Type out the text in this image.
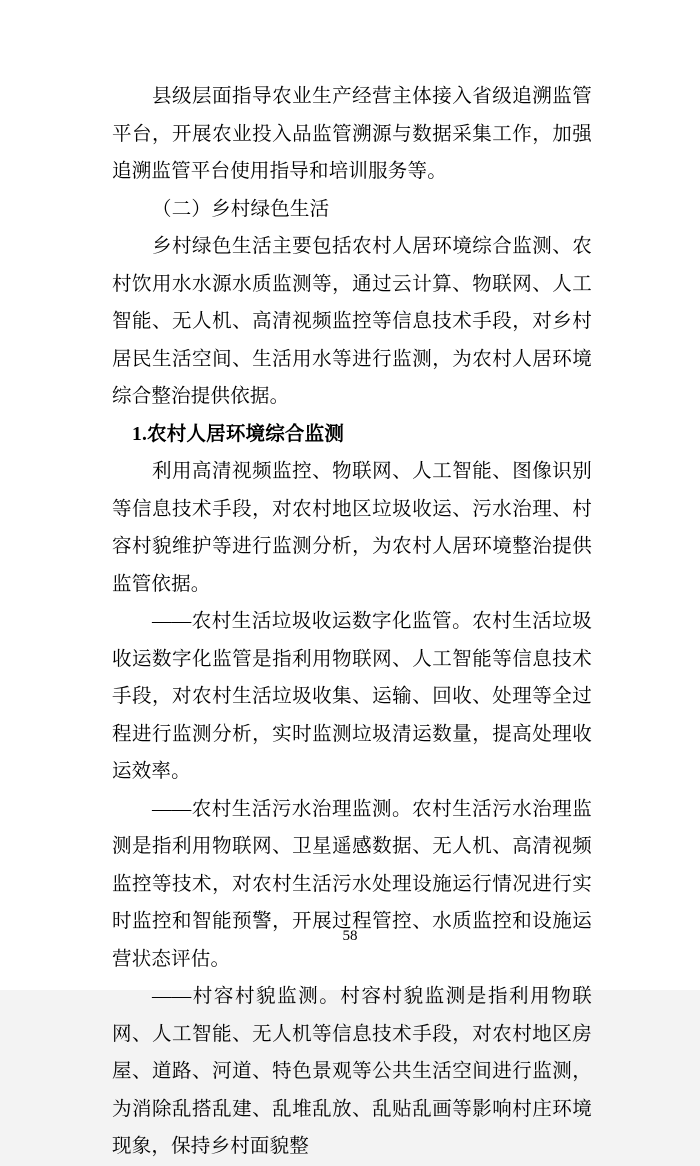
县级层面指导农业生产经营主体接入省级追溯监管平台，开展农业投入品监管溯源与数据采集工作，加强追溯监管平台使用指导和培训服务等。

（二）乡村绿色生活

乡村绿色生活主要包括农村人居环境综合监测、农村饮用水水源水质监测等，通过云计算、物联网、人工智能、无人机、高清视频监控等信息技术手段，对乡村居民生活空间、生活用水等进行监测，为农村人居环境综合整治提供依据。

1.农村人居环境综合监测

利用高清视频监控、物联网、人工智能、图像识别等信息技术手段，对农村地区垃圾收运、污水治理、村容村貌维护等进行监测分析，为农村人居环境整治提供监管依据。

——农村生活垃圾收运数字化监管。农村生活垃圾收运数字化监管是指利用物联网、人工智能等信息技术手段，对农村生活垃圾收集、运输、回收、处理等全过程进行监测分析，实时监测垃圾清运数量，提高处理收运效率。

——农村生活污水治理监测。农村生活污水治理监测是指利用物联网、卫星遥感数据、无人机、高清视频监控等技术，对农村生活污水处理设施运行情况进行实时监控和智能预警，开展过程管控、水质监控和设施运营状态评估。

——村容村貌监测。村容村貌监测是指利用物联网、人工智能、无人机等信息技术手段，对农村地区房屋、道路、河道、特色景观等公共生活空间进行监测，为消除乱搭乱建、乱堆乱放、乱贴乱画等影响村庄环境现象，保持乡村面貌整

58
